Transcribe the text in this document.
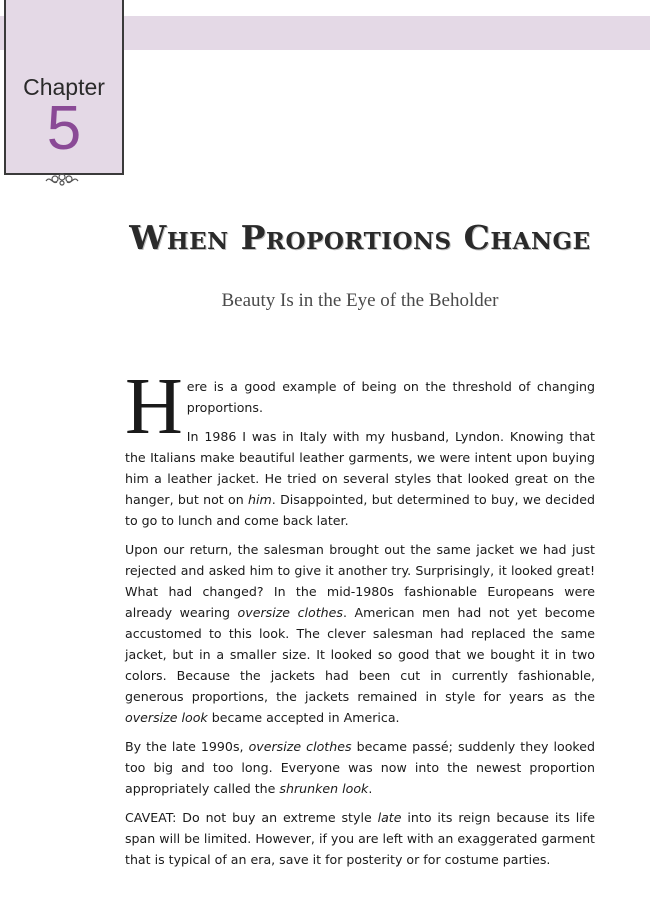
Chapter
5
When Proportions Change
Beauty Is in the Eye of the Beholder

Here is a good example of being on the threshold of changing proportions.

In 1986 I was in Italy with my husband, Lyndon. Knowing that the Italians make beautiful leather garments, we were intent upon buying him a leather jacket. He tried on several styles that looked great on the hanger, but not on him. Disappointed, but determined to buy, we decided to go to lunch and come back later.

Upon our return, the salesman brought out the same jacket we had just rejected and asked him to give it another try. Surprisingly, it looked great! What had changed? In the mid-1980s fashionable Europeans were already wearing oversize clothes. American men had not yet become accustomed to this look. The clever salesman had replaced the same jacket, but in a smaller size. It looked so good that we bought it in two colors. Because the jackets had been cut in currently fashionable, generous proportions, the jackets remained in style for years as the oversize look became accepted in America.

By the late 1990s, oversize clothes became passé; suddenly they looked too big and too long. Everyone was now into the newest proportion appropriately called the shrunken look.

CAVEAT: Do not buy an extreme style late into its reign because its life span will be limited. However, if you are left with an exaggerated garment that is typical of an era, save it for posterity or for costume parties.
